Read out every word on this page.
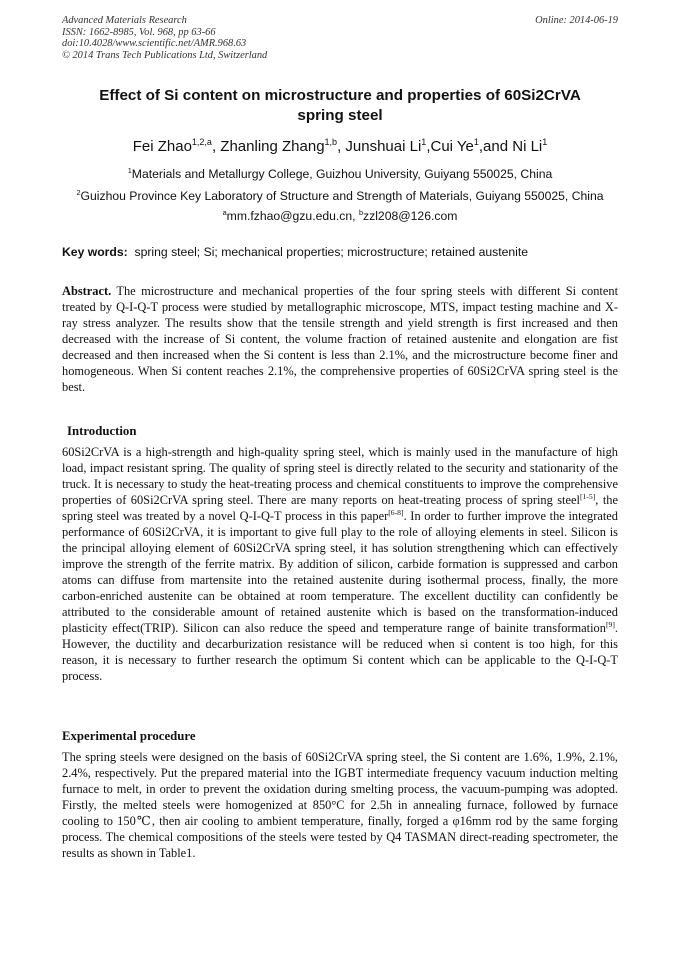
Advanced Materials Research
ISSN: 1662-8985, Vol. 968, pp 63-66
doi:10.4028/www.scientific.net/AMR.968.63
© 2014 Trans Tech Publications Ltd, Switzerland
Online: 2014-06-19
Effect of Si content on microstructure and properties of 60Si2CrVA
spring steel
Fei Zhao$^{1,2,a}$, Zhanling Zhang$^{1,b}$, Junshuai Li$^1$,Cui Ye$^1$,and Ni Li$^1$
$^1$Materials and Metallurgy College, Guizhou University, Guiyang 550025, China
$^2$Guizhou Province Key Laboratory of Structure and Strength of Materials, Guiyang 550025, China
$^a$mm.fzhao@gzu.edu.cn, $^b$zzl208@126.com
Key words: spring steel; Si; mechanical properties; microstructure; retained austenite
Abstract. The microstructure and mechanical properties of the four spring steels with different Si content treated by Q-I-Q-T process were studied by metallographic microscope, MTS, impact testing machine and X-ray stress analyzer. The results show that the tensile strength and yield strength is first increased and then decreased with the increase of Si content, the volume fraction of retained austenite and elongation are fist decreased and then increased when the Si content is less than 2.1%, and the microstructure become finer and homogeneous. When Si content reaches 2.1%, the comprehensive properties of 60Si2CrVA spring steel is the best.
Introduction
60Si2CrVA is a high-strength and high-quality spring steel, which is mainly used in the manufacture of high load, impact resistant spring. The quality of spring steel is directly related to the security and stationarity of the truck. It is necessary to study the heat-treating process and chemical constituents to improve the comprehensive properties of 60Si2CrVA spring steel. There are many reports on heat-treating process of spring steel[1-5], the spring steel was treated by a novel Q-I-Q-T process in this paper[6-8]. In order to further improve the integrated performance of 60Si2CrVA, it is important to give full play to the role of alloying elements in steel. Silicon is the principal alloying element of 60Si2CrVA spring steel, it has solution strengthening which can effectively improve the strength of the ferrite matrix. By addition of silicon, carbide formation is suppressed and carbon atoms can diffuse from martensite into the retained austenite during isothermal process, finally, the more carbon-enriched austenite can be obtained at room temperature. The excellent ductility can confidently be attributed to the considerable amount of retained austenite which is based on the transformation-induced plasticity effect(TRIP). Silicon can also reduce the speed and temperature range of bainite transformation[9]. However, the ductility and decarburization resistance will be reduced when si content is too high, for this reason, it is necessary to further research the optimum Si content which can be applicable to the Q-I-Q-T process.
Experimental procedure
The spring steels were designed on the basis of 60Si2CrVA spring steel, the Si content are 1.6%, 1.9%, 2.1%, 2.4%, respectively. Put the prepared material into the IGBT intermediate frequency vacuum induction melting furnace to melt, in order to prevent the oxidation during smelting process, the vacuum-pumping was adopted. Firstly, the melted steels were homogenized at 850°C for 2.5h in annealing furnace, followed by furnace cooling to 150℃, then air cooling to ambient temperature, finally, forged a φ16mm rod by the same forging process. The chemical compositions of the steels were tested by Q4 TASMAN direct-reading spectrometer, the results as shown in Table1.
